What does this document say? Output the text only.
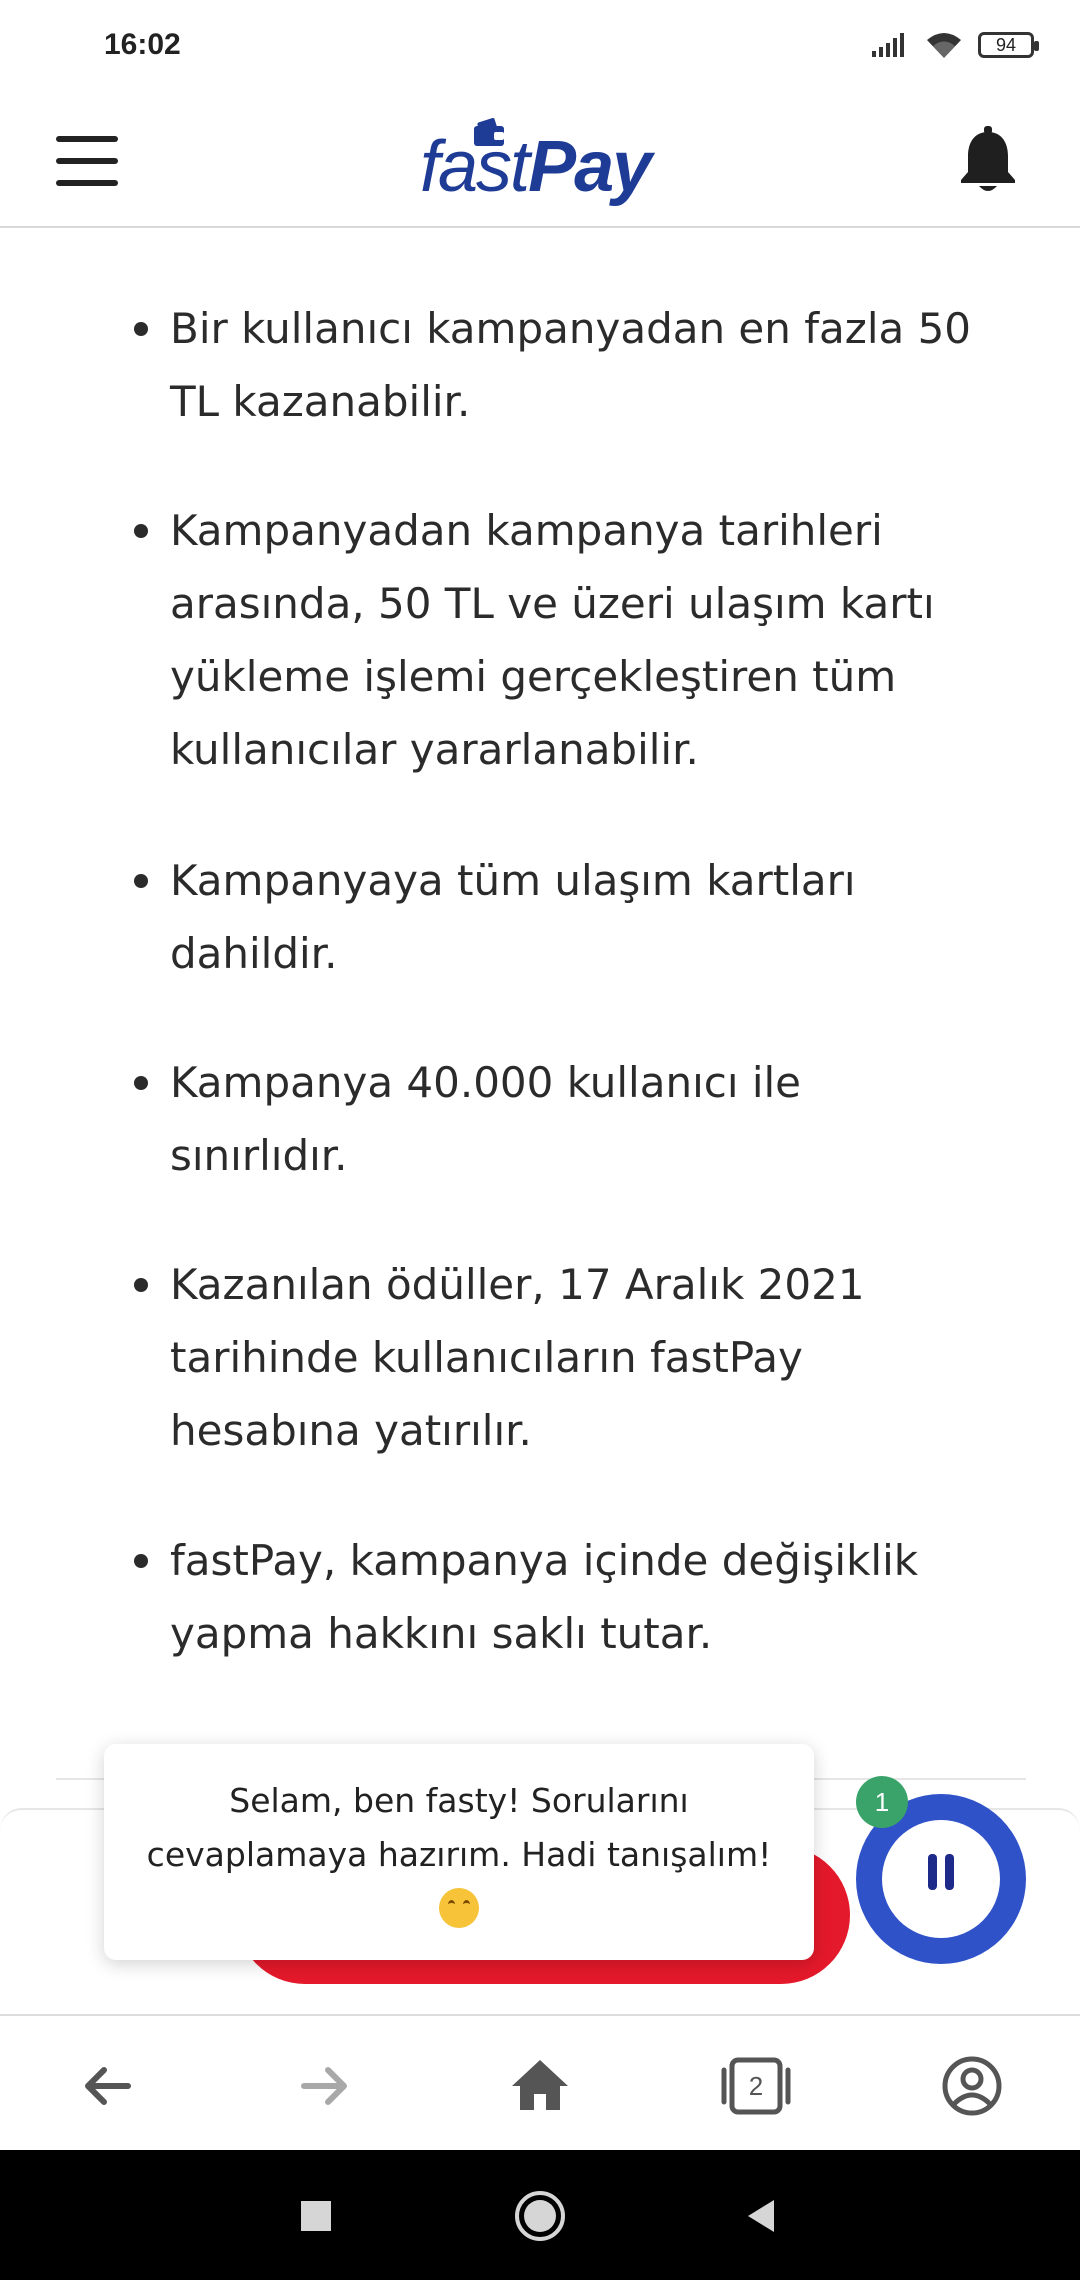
16:02	94
fastPay
Bir kullanıcı kampanyadan en fazla 50
TL kazanabilir.
Kampanyadan kampanya tarihleri
arasında, 50 TL ve üzeri ulaşım kartı
yükleme işlemi gerçekleştiren tüm
kullanıcılar yararlanabilir.
Kampanyaya tüm ulaşım kartları
dahildir.
Kampanya 40.000 kullanıcı ile
sınırlıdır.
Kazanılan ödüller, 17 Aralık 2021
tarihinde kullanıcıların fastPay
hesabına yatırılır.
fastPay, kampanya içinde değişiklik
yapma hakkını saklı tutar.
Selam, ben fasty! Sorularını
cevaplamaya hazırım. Hadi tanışalım!
1
2
